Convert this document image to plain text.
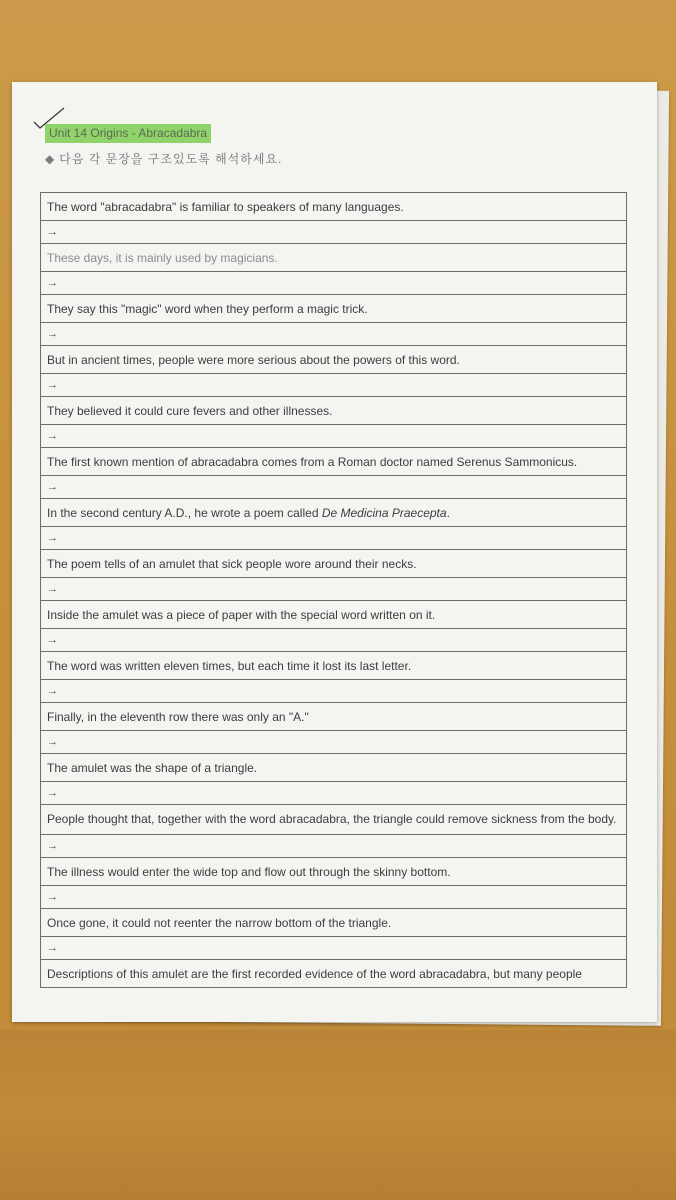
Unit 14 Origins - Abracadabra
◆ 다음 각 문장을 구조있도록 해석하세요.
The word "abracadabra" is familiar to speakers of many languages.
→
These days, it is mainly used by magicians.
→
They say this "magic" word when they perform a magic trick.
→
But in ancient times, people were more serious about the powers of this word.
→
They believed it could cure fevers and other illnesses.
→
The first known mention of abracadabra comes from a Roman doctor named Serenus Sammonicus.
→
In the second century A.D., he wrote a poem called De Medicina Praecepta.
→
The poem tells of an amulet that sick people wore around their necks.
→
Inside the amulet was a piece of paper with the special word written on it.
→
The word was written eleven times, but each time it lost its last letter.
→
Finally, in the eleventh row there was only an "A."
→
The amulet was the shape of a triangle.
→
People thought that, together with the word abracadabra, the triangle could remove sickness from the body.
→
The illness would enter the wide top and flow out through the skinny bottom.
→
Once gone, it could not reenter the narrow bottom of the triangle.
→
Descriptions of this amulet are the first recorded evidence of the word abracadabra, but many people
